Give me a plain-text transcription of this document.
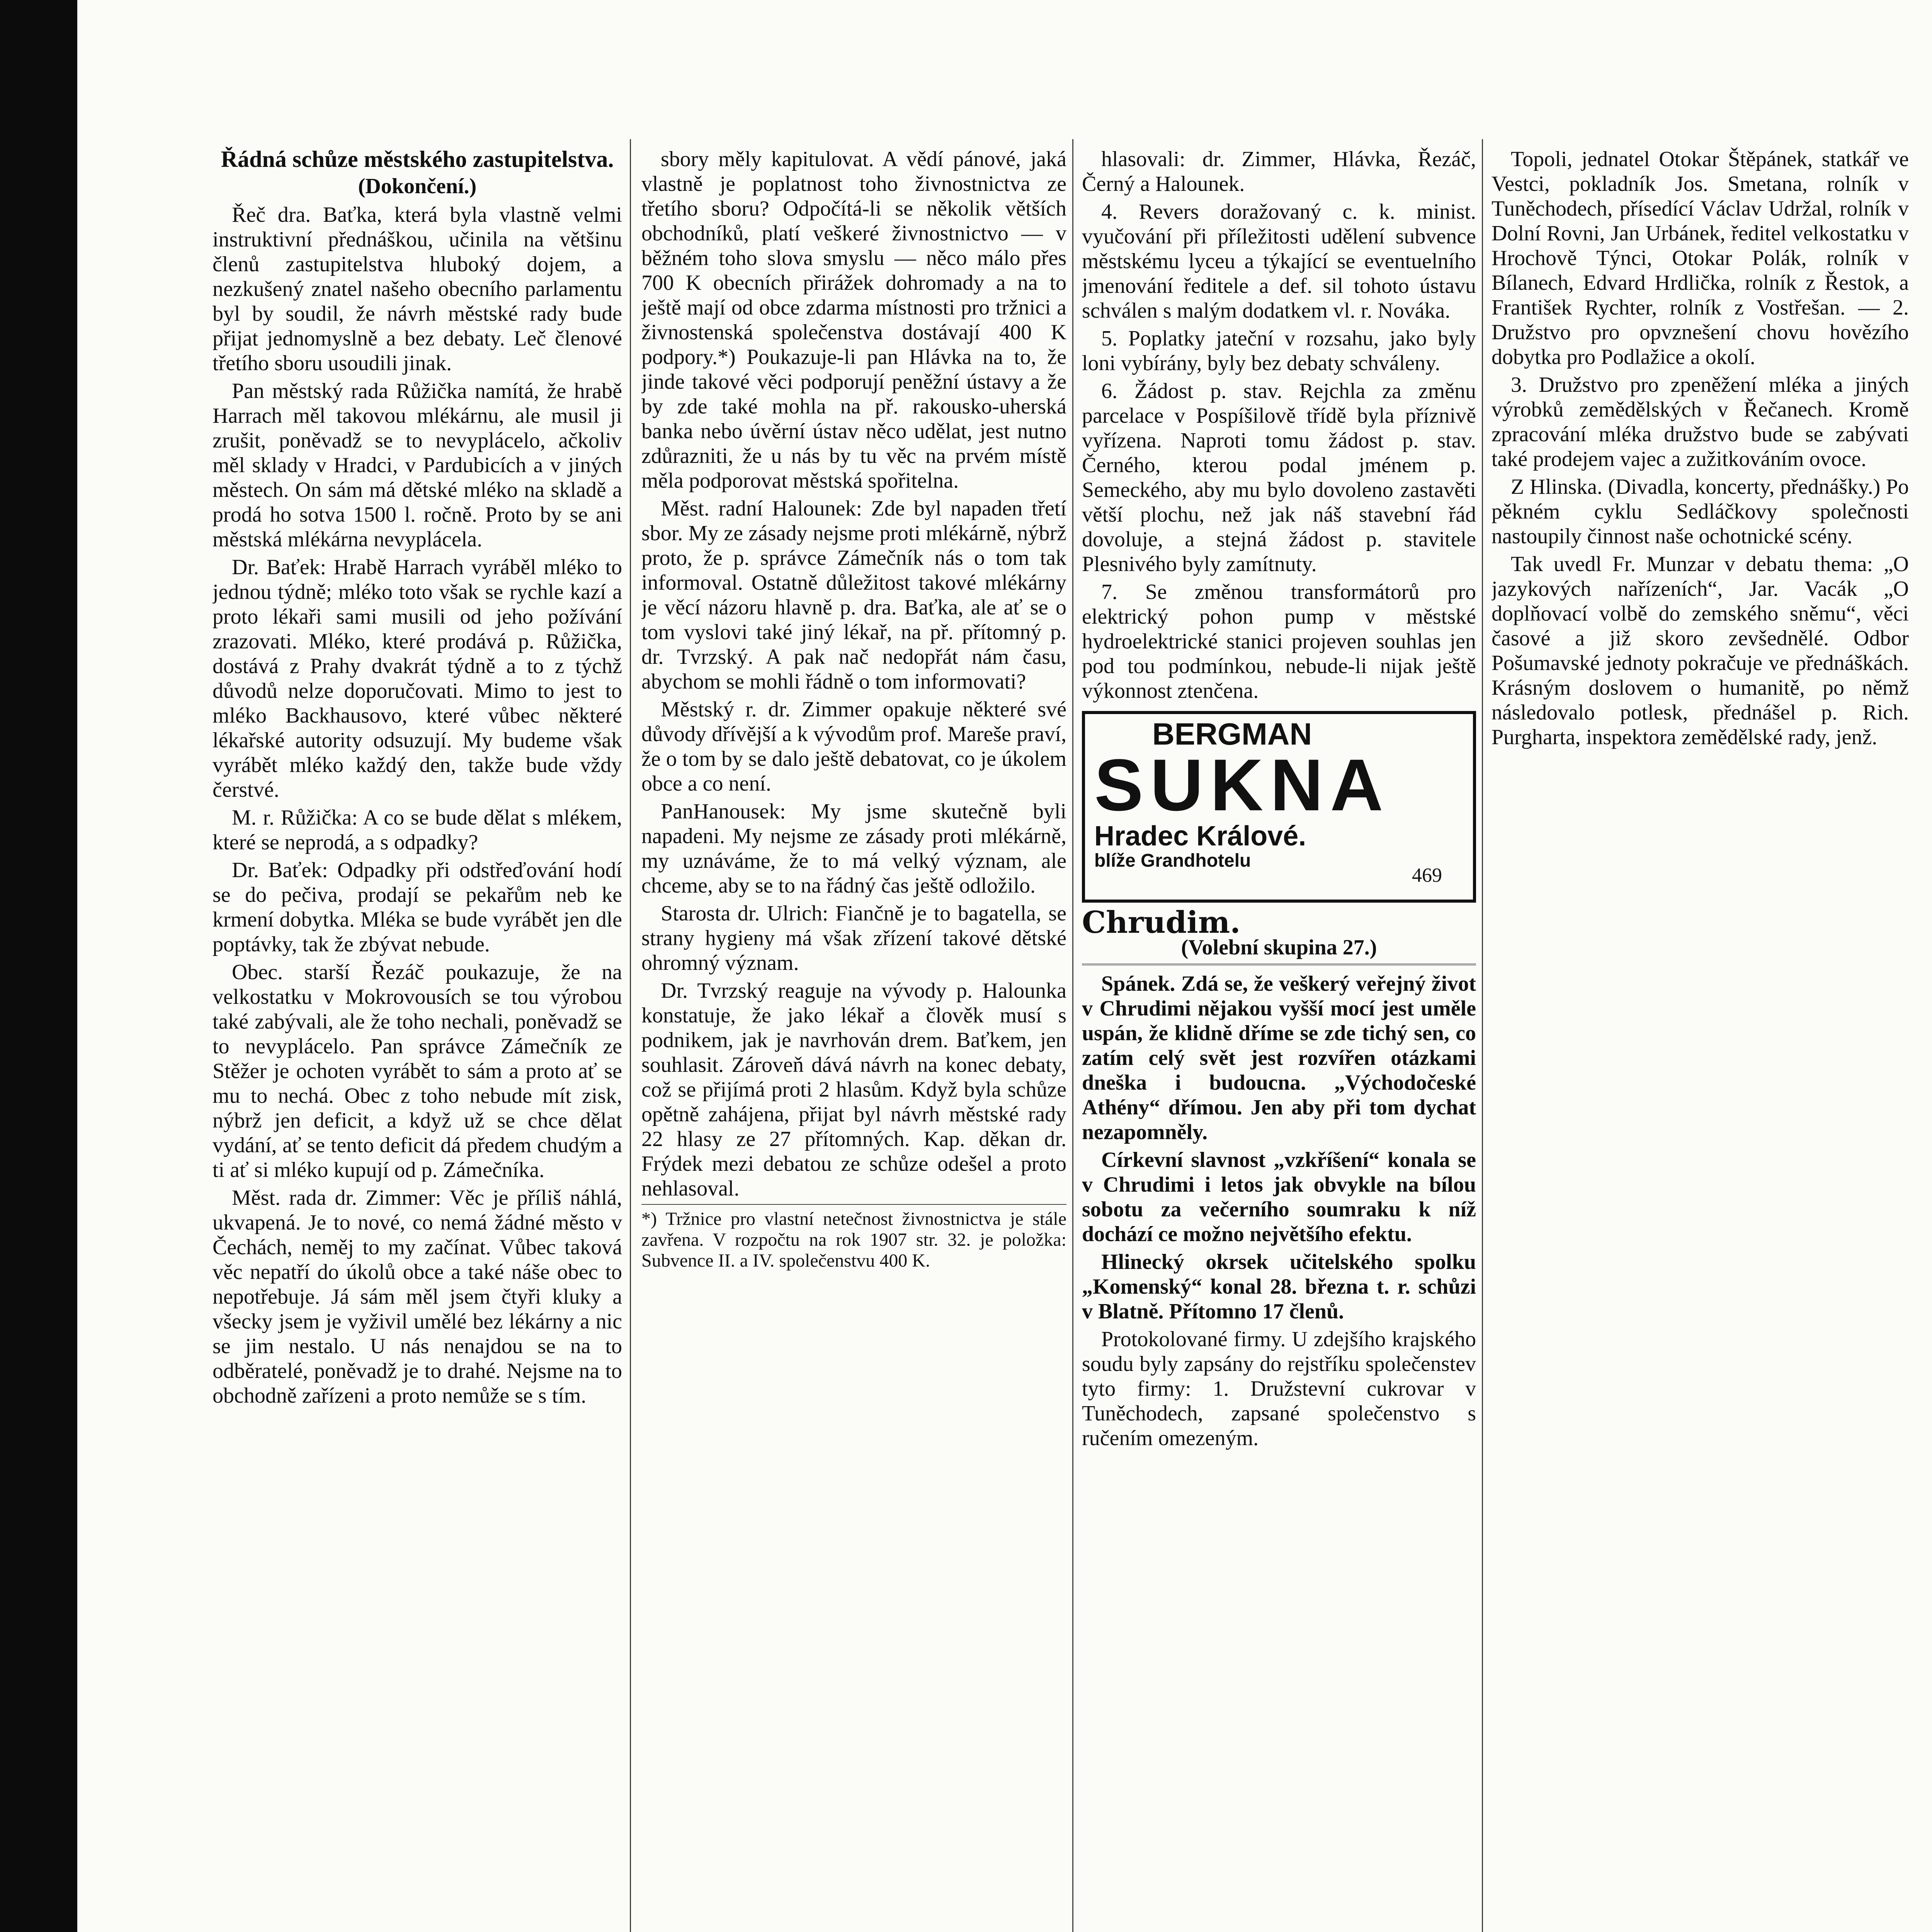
Řádná schůze městského zastupitelstva.
(Dokončení.)

Řeč dra. Baťka, která byla vlastně velmi instruktivní přednáškou, učinila na většinu členů zastupitelstva hluboký dojem, a nezkušený znatel našeho obecního parlamentu byl by soudil, že návrh městské rady bude přijat jednomyslně a bez debaty. Leč členové třetího sboru usoudili jinak.

Pan městský rada Růžička namítá, že hrabě Harrach měl takovou mlékárnu, ale musil ji zrušit, poněvadž se to nevyplácelo, ačkoliv měl sklady v Hradci, v Pardubicích a v jiných městech. On sám má dětské mléko na skladě a prodá ho sotva 1500 l. ročně. Proto by se ani městská mlékárna nevyplácela.

Dr. Baťek: Hrabě Harrach vyráběl mléko to jednou týdně; mléko toto však se rychle kazí a proto lékaři sami musili od jeho požívání zrazovati. Mléko, které prodává p. Růžička, dostává z Prahy dvakrát týdně a to z týchž důvodů nelze doporučovati. Mimo to jest to mléko Backhausovo, které vůbec některé lékařské autority odsuzují. My budeme však vyrábět mléko každý den, takže bude vždy čerstvé.

M. r. Růžička: A co se bude dělat s mlékem, které se neprodá, a s odpadky?

Dr. Baťek: Odpadky při odstřeďování hodí se do pečiva, prodají se pekařům neb ke krmení dobytka. Mléka se bude vyrábět jen dle poptávky, tak že zbývat nebude.

Obec. starší Řezáč poukazuje, že na velkostatku v Mokrovousích se tou výrobou také zabývali, ale že toho nechali, poněvadž se to nevyplácelo. Pan správce Zámečník ze Stěžer je ochoten vyrábět to sám a proto ať se mu to nechá. Obec z toho nebude mít zisk, nýbrž jen deficit, a když už se chce dělat vydání, ať se tento deficit dá předem chudým a ti ať si mléko kupují od p. Zámečníka.

Měst. rada dr. Zimmer: Věc je příliš náhlá, ukvapená. Je to nové, co nemá žádné město v Čechách, neměj to my začínat. Vůbec taková věc nepatří do úkolů obce a také náše obec to nepotřebuje. Já sám měl jsem čtyři kluky a všecky jsem je vyživil umělé bez lékárny a nic se jim nestalo. U nás nenajdou se na to odběratelé, poněvadž je to drahé. Nejsme na to obchodně zařízeni a proto nemůže se s tím.

sbory měly kapitulovat. A vědí pánové, jaká vlastně je poplatnost toho živnostnictva ze třetího sboru? Odpočítá-li se několik větších obchodníků, platí veškeré živnostnictvo — v běžném toho slova smyslu — něco málo přes 700 K obecních přirážek dohromady a na to ještě mají od obce zdarma místnosti pro tržnici a živnostenská společenstva dostávají 400 K podpory.*) Poukazuje-li pan Hlávka na to, že jinde takové věci podporují peněžní ústavy a že by zde také mohla na př. rakousko-uherská banka nebo úvěrní ústav něco udělat, jest nutno zdůrazniti, že u nás by tu věc na prvém místě měla podporovat městská spořitelna.

Měst. radní Halounek: Zde byl napaden třetí sbor. My ze zásady nejsme proti mlékárně, nýbrž proto, že p. správce Zámečník nás o tom tak informoval. Ostatně důležitost takové mlékárny je věcí názoru hlavně p. dra. Baťka, ale ať se o tom vyslovi také jiný lékař, na př. přítomný p. dr. Tvrzský. A pak nač nedopřát nám času, abychom se mohli řádně o tom informovati?

Městský r. dr. Zimmer opakuje některé své důvody dřívější a k vývodům prof. Mareše praví, že o tom by se dalo ještě debatovat, co je úkolem obce a co není.

PanHanousek: My jsme skutečně byli napadeni. My nejsme ze zásady proti mlékárně, my uznáváme, že to má velký význam, ale chceme, aby se to na řádný čas ještě odložilo.

Starosta dr. Ulrich: Fiančně je to bagatella, se strany hygieny má však zřízení takové dětské ohromný význam.

Dr. Tvrzský reaguje na vývody p. Halounka konstatuje, že jako lékař a člověk musí s podnikem, jak je navrhován drem. Baťkem, jen souhlasit. Zároveň dává návrh na konec debaty, což se přijímá proti 2 hlasům. Když byla schůze opětně zahájena, přijat byl návrh městské rady 22 hlasy ze 27 přítomných. Kap. děkan dr. Frýdek mezi debatou ze schůze odešel a proto nehlasoval.

*) Tržnice pro vlastní netečnost živnostnictva je stále zavřena. V rozpočtu na rok 1907 str. 32. je položka: Subvence II. a IV. společenstvu 400 K.

hlasovali: dr. Zimmer, Hlávka, Řezáč, Černý a Halounek.

4. Revers doražovaný c. k. minist. vyučování při příležitosti udělení subvence městskému lyceu a týkající se eventuelního jmenování ředitele a def. sil tohoto ústavu schválen s malým dodatkem vl. r. Nováka.

5. Poplatky jateční v rozsahu, jako byly loni vybírány, byly bez debaty schváleny.

6. Žádost p. stav. Rejchla za změnu parcelace v Pospíšilově třídě byla příznivě vyřízena. Naproti tomu žádost p. stav. Černého, kterou podal jménem p. Semeckého, aby mu bylo dovoleno zastavěti větší plochu, než jak náš stavební řád dovoluje, a stejná žádost p. stavitele Plesnivého byly zamítnuty.

7. Se změnou transformátorů pro elektrický pohon pump v městské hydroelektrické stanici projeven souhlas jen pod tou podmínkou, nebude-li nijak ještě výkonnost ztenčena.

BERGMAN
SUKNA
Hradec Králové.
blíže Grandhotelu
469
Chrudim.
(Volební skupina 27.)

Spánek. Zdá se, že veškerý veřejný život v Chrudimi nějakou vyšší mocí jest uměle uspán, že klidně dříme se zde tichý sen, co zatím celý svět jest rozvířen otázkami dneška i budoucna. „Východočeské Athény“ dřímou. Jen aby při tom dychat nezapomněly.

Církevní slavnost „vzkříšení“ konala se v Chrudimi i letos jak obvykle na bílou sobotu za večerního soumraku k níž dochází ce možno největšího efektu.

Hlinecký okrsek učitelského spolku „Komenský“ konal 28. března t. r. schůzi v Blatně. Přítomno 17 členů.

Protokolované firmy. U zdejšího krajského soudu byly zapsány do rejstříku společenstev tyto firmy: 1. Družstevní cukrovar v Tuněchodech, zapsané společenstvo s ručením omezeným.

Topoli, jednatel Otokar Štěpánek, statkář ve Vestci, pokladník Jos. Smetana, rolník v Tuněchodech, přísedící Václav Udržal, rolník v Dolní Rovni, Jan Urbánek, ředitel velkostatku v Hrochově Týnci, Otokar Polák, rolník v Bílanech, Edvard Hrdlička, rolník z Řestok, a František Rychter, rolník z Vostřešan. — 2. Družstvo pro opvznešení chovu hovězího dobytka pro Podlažice a okolí.

3. Družstvo pro zpeněžení mléka a jiných výrobků zemědělských v Řečanech. Kromě zpracování mléka družstvo bude se zabývati také prodejem vajec a zužitkováním ovoce.

Z Hlinska. (Divadla, koncerty, přednášky.) Po pěkném cyklu Sedláčkovy společnosti nastoupily činnost naše ochotnické scény.

Tak uvedl Fr. Munzar v debatu thema: „O jazykových nařízeních“, Jar. Vacák „O doplňovací volbě do zemského sněmu“, věci časové a již skoro zevšednělé. Odbor Pošumavské jednoty pokračuje ve přednáškách. Krásným doslovem o humanitě, po němž následovalo potlesk, přednášel p. Rich. Purgharta, inspektora zemědělské rady, jenž.
